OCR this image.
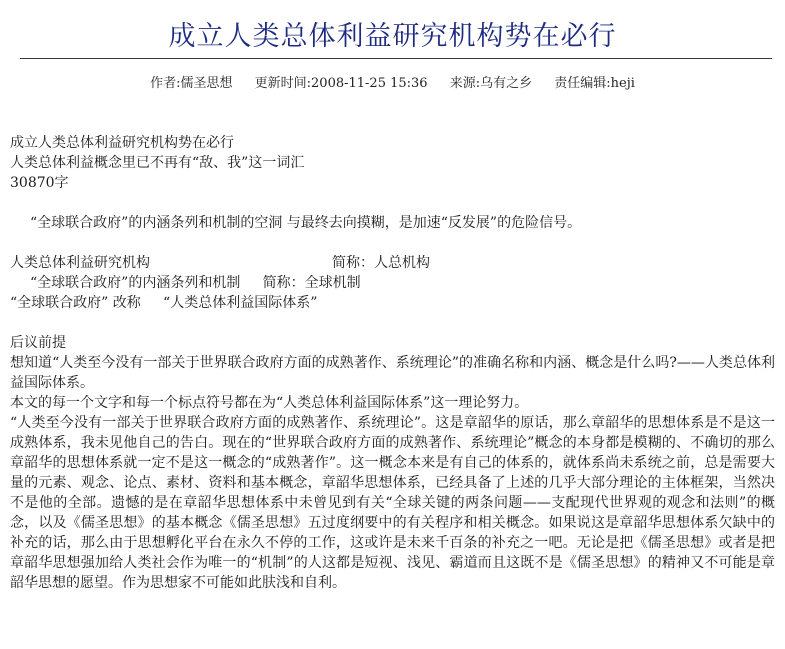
成立人类总体利益研究机构势在必行
作者:儒圣思想 更新时间:2008-11-25 15:36 来源:乌有之乡 责任编辑:heji

成立人类总体利益研究机构势在必行

人类总体利益概念里已不再有“敌、我”这一词汇

30870字

“全球联合政府”的内涵条列和机制的空洞 与最终去向摸糊，是加速“反发展”的危险信号。

人类总体利益研究机构	简称：人总机构

“全球联合政府”的内涵条列和机制 简称：全球机制

“全球联合政府” 改称 “人类总体利益国际体系”

后议前提

想知道“人类至今没有一部关于世界联合政府方面的成熟著作、系统理论”的准确名称和内涵、概念是什么吗?——人类总体利益国际体系。

本文的每一个文字和每一个标点符号都在为“人类总体利益国际体系”这一理论努力。

“人类至今没有一部关于世界联合政府方面的成熟著作、系统理论”。这是章韶华的原话，那么章韶华的思想体系是不是这一成熟体系，我未见他自己的告白。现在的“世界联合政府方面的成熟著作、系统理论”概念的本身都是模糊的、不确切的那么章韶华的思想体系就一定不是这一概念的“成熟著作”。这一概念本来是有自己的体系的，就体系尚未系统之前，总是需要大量的元素、观念、论点、素材、资料和基本概念，章韶华思想体系，已经具备了上述的几乎大部分理论的主体框架，当然决不是他的全部。遗憾的是在章韶华思想体系中未曾见到有关“全球关键的两条问题——支配现代世界观的观念和法则”的概念，以及《儒圣思想》的基本概念《儒圣思想》五过度纲要中的有关程序和相关概念。如果说这是章韶华思想体系欠缺中的补充的话，那么由于思想孵化平台在永久不停的工作，这或许是未来千百条的补充之一吧。无论是把《儒圣思想》或者是把章韶华思想强加给人类社会作为唯一的“机制”的人这都是短视、浅见、霸道而且这既不是《儒圣思想》的精神又不可能是章韶华思想的愿望。作为思想家不可能如此肤浅和自利。
